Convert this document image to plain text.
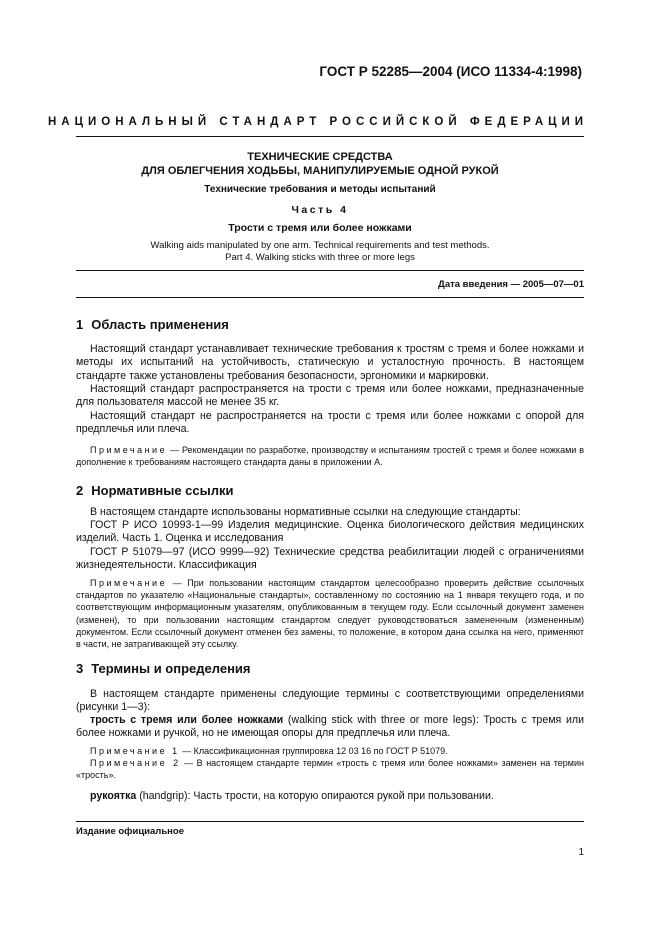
ГОСТ Р 52285—2004 (ИСО 11334-4:1998)
НАЦИОНАЛЬНЫЙ СТАНДАРТ РОССИЙСКОЙ ФЕДЕРАЦИИ
ТЕХНИЧЕСКИЕ СРЕДСТВА
ДЛЯ ОБЛЕГЧЕНИЯ ХОДЬБЫ, МАНИПУЛИРУЕМЫЕ ОДНОЙ РУКОЙ
Технические требования и методы испытаний
Часть 4
Трости с тремя или более ножками
Walking aids manipulated by one arm. Technical requirements and test methods.
Part 4. Walking sticks with three or more legs
Дата введения — 2005—07—01
1 Область применения
Настоящий стандарт устанавливает технические требования к тростям с тремя и более ножками и методы их испытаний на устойчивость, статическую и усталостную прочность. В настоящем стандарте также установлены требования безопасности, эргономики и маркировки.
Настоящий стандарт распространяется на трости с тремя или более ножками, предназначенные для пользователя массой не менее 35 кг.
Настоящий стандарт не распространяется на трости с тремя или более ножками с опорой для предплечья или плеча.
Примечание — Рекомендации по разработке, производству и испытаниям тростей с тремя и более ножками в дополнение к требованиям настоящего стандарта даны в приложении А.
2 Нормативные ссылки
В настоящем стандарте использованы нормативные ссылки на следующие стандарты:
ГОСТ Р ИСО 10993-1—99 Изделия медицинские. Оценка биологического действия медицинских изделий. Часть 1. Оценка и исследования
ГОСТ Р 51079—97 (ИСО 9999—92) Технические средства реабилитации людей с ограничениями жизнедеятельности. Классификация
Примечание — При пользовании настоящим стандартом целесообразно проверить действие ссылочных стандартов по указателю «Национальные стандарты», составленному по состоянию на 1 января текущего года, и по соответствующим информационным указателям, опубликованным в текущем году. Если ссылочный документ заменен (изменен), то при пользовании настоящим стандартом следует руководствоваться замененным (измененным) документом. Если ссылочный документ отменен без замены, то положение, в котором дана ссылка на него, применяют в части, не затрагивающей эту ссылку.
3 Термины и определения
В настоящем стандарте применены следующие термины с соответствующими определениями (рисунки 1—3):
трость с тремя или более ножками (walking stick with three or more legs): Трость с тремя или более ножками и ручкой, но не имеющая опоры для предплечья или плеча.
Примечание 1 — Классификационная группировка 12 03 16 по ГОСТ Р 51079.
Примечание 2 — В настоящем стандарте термин «трость с тремя или более ножками» заменен на термин «трость».
рукоятка (handgrip): Часть трости, на которую опираются рукой при пользовании.
Издание официальное
1
